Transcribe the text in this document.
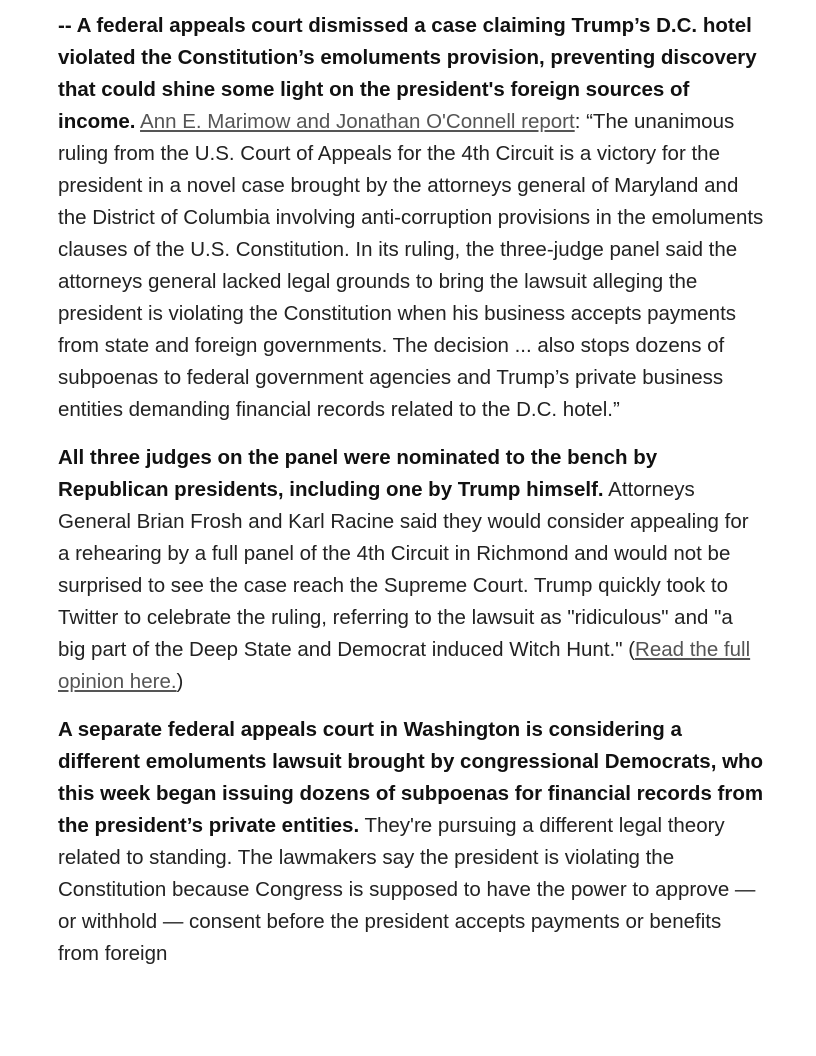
-- A federal appeals court dismissed a case claiming Trump’s D.C. hotel violated the Constitution’s emoluments provision, preventing discovery that could shine some light on the president's foreign sources of income. Ann E. Marimow and Jonathan O'Connell report: “The unanimous ruling from the U.S. Court of Appeals for the 4th Circuit is a victory for the president in a novel case brought by the attorneys general of Maryland and the District of Columbia involving anti-corruption provisions in the emoluments clauses of the U.S. Constitution. In its ruling, the three-judge panel said the attorneys general lacked legal grounds to bring the lawsuit alleging the president is violating the Constitution when his business accepts payments from state and foreign governments. The decision ... also stops dozens of subpoenas to federal government agencies and Trump’s private business entities demanding financial records related to the D.C. hotel.”

All three judges on the panel were nominated to the bench by Republican presidents, including one by Trump himself. Attorneys General Brian Frosh and Karl Racine said they would consider appealing for a rehearing by a full panel of the 4th Circuit in Richmond and would not be surprised to see the case reach the Supreme Court. Trump quickly took to Twitter to celebrate the ruling, referring to the lawsuit as "ridiculous" and "a big part of the Deep State and Democrat induced Witch Hunt." (Read the full opinion here.)

A separate federal appeals court in Washington is considering a different emoluments lawsuit brought by congressional Democrats, who this week began issuing dozens of subpoenas for financial records from the president’s private entities. They're pursuing a different legal theory related to standing. The lawmakers say the president is violating the Constitution because Congress is supposed to have the power to approve — or withhold — consent before the president accepts payments or benefits from foreign
